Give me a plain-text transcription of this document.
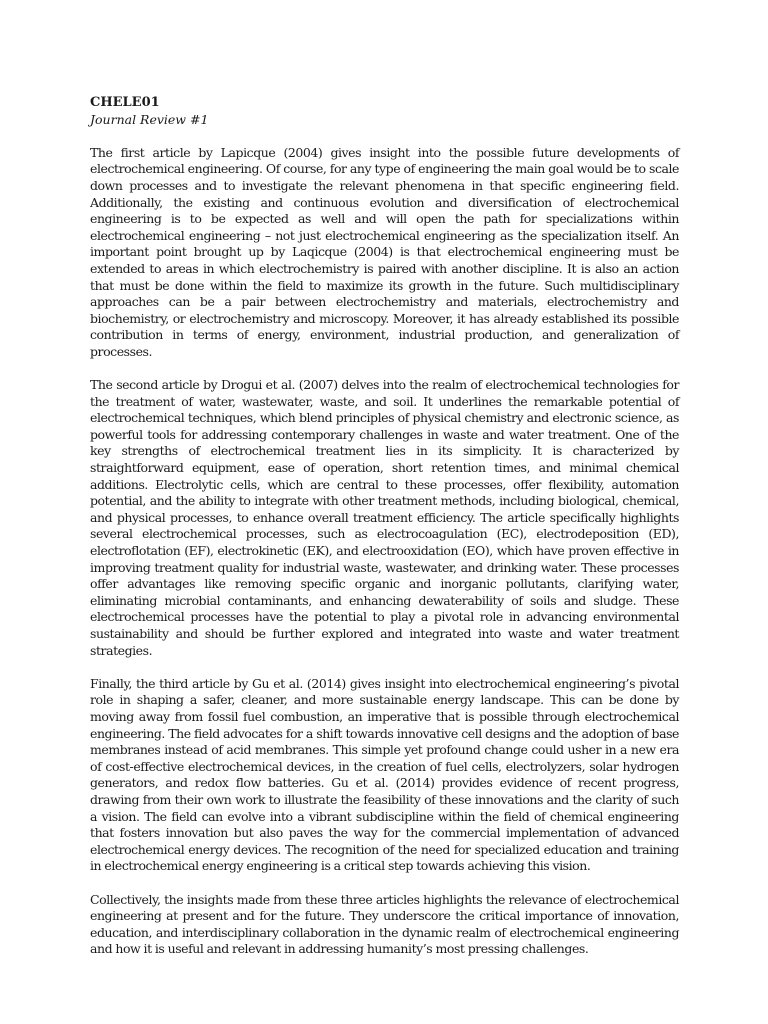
CHELE01

Journal Review #1

The first article by Lapicque (2004) gives insight into the possible future developments of electrochemical engineering. Of course, for any type of engineering the main goal would be to scale down processes and to investigate the relevant phenomena in that specific engineering field. Additionally, the existing and continuous evolution and diversification of electrochemical engineering is to be expected as well and will open the path for specializations within electrochemical engineering – not just electrochemical engineering as the specialization itself. An important point brought up by Laqicque (2004) is that electrochemical engineering must be extended to areas in which electrochemistry is paired with another discipline. It is also an action that must be done within the field to maximize its growth in the future. Such multidisciplinary approaches can be a pair between electrochemistry and materials, electrochemistry and biochemistry, or electrochemistry and microscopy. Moreover, it has already established its possible contribution in terms of energy, environment, industrial production, and generalization of processes.

The second article by Drogui et al. (2007) delves into the realm of electrochemical technologies for the treatment of water, wastewater, waste, and soil. It underlines the remarkable potential of electrochemical techniques, which blend principles of physical chemistry and electronic science, as powerful tools for addressing contemporary challenges in waste and water treatment. One of the key strengths of electrochemical treatment lies in its simplicity. It is characterized by straightforward equipment, ease of operation, short retention times, and minimal chemical additions. Electrolytic cells, which are central to these processes, offer flexibility, automation potential, and the ability to integrate with other treatment methods, including biological, chemical, and physical processes, to enhance overall treatment efficiency. The article specifically highlights several electrochemical processes, such as electrocoagulation (EC), electrodeposition (ED), electroflotation (EF), electrokinetic (EK), and electrooxidation (EO), which have proven effective in improving treatment quality for industrial waste, wastewater, and drinking water. These processes offer advantages like removing specific organic and inorganic pollutants, clarifying water, eliminating microbial contaminants, and enhancing dewaterability of soils and sludge. These electrochemical processes have the potential to play a pivotal role in advancing environmental sustainability and should be further explored and integrated into waste and water treatment strategies.

Finally, the third article by Gu et al. (2014) gives insight into electrochemical engineering’s pivotal role in shaping a safer, cleaner, and more sustainable energy landscape. This can be done by moving away from fossil fuel combustion, an imperative that is possible through electrochemical engineering. The field advocates for a shift towards innovative cell designs and the adoption of base membranes instead of acid membranes. This simple yet profound change could usher in a new era of cost-effective electrochemical devices, in the creation of fuel cells, electrolyzers, solar hydrogen generators, and redox flow batteries. Gu et al. (2014) provides evidence of recent progress, drawing from their own work to illustrate the feasibility of these innovations and the clarity of such a vision. The field can evolve into a vibrant subdiscipline within the field of chemical engineering that fosters innovation but also paves the way for the commercial implementation of advanced electrochemical energy devices. The recognition of the need for specialized education and training in electrochemical energy engineering is a critical step towards achieving this vision.

Collectively, the insights made from these three articles highlights the relevance of electrochemical engineering at present and for the future. They underscore the critical importance of innovation, education, and interdisciplinary collaboration in the dynamic realm of electrochemical engineering and how it is useful and relevant in addressing humanity’s most pressing challenges.
